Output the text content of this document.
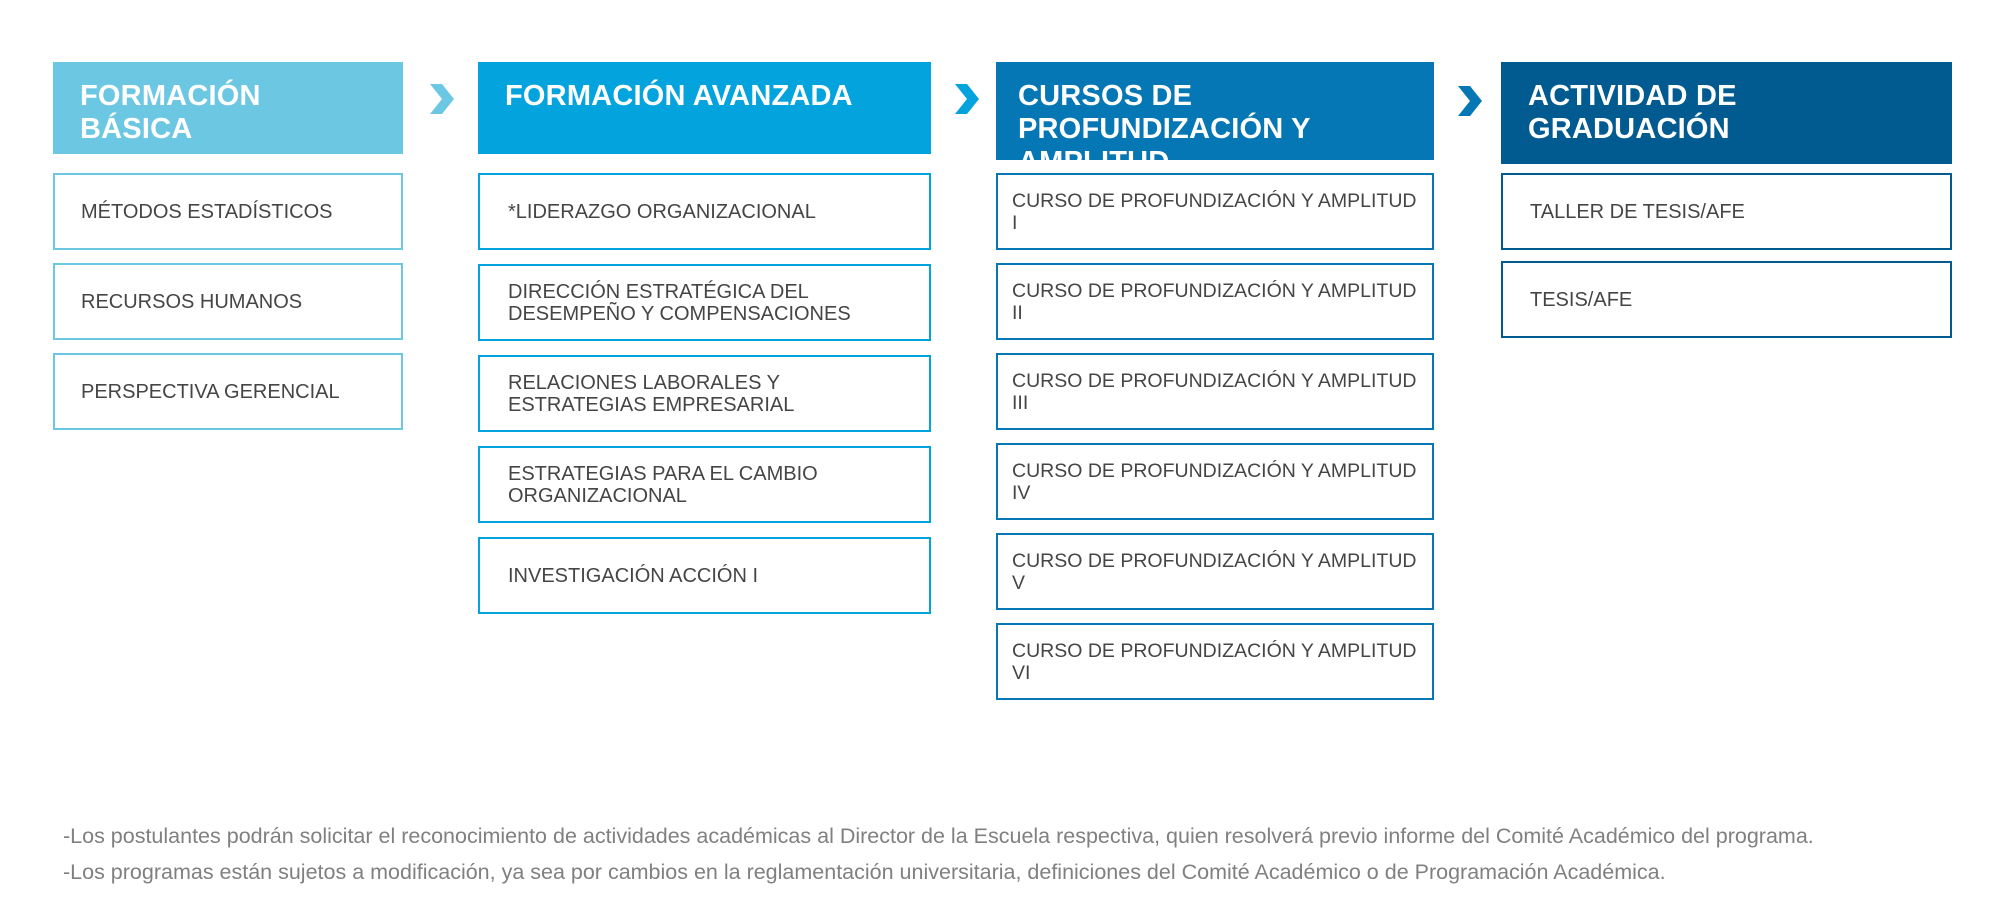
FORMACIÓN BÁSICA
MÉTODOS ESTADÍSTICOS
RECURSOS HUMANOS
PERSPECTIVA GERENCIAL
FORMACIÓN AVANZADA
*LIDERAZGO ORGANIZACIONAL
DIRECCIÓN ESTRATÉGICA DEL DESEMPEÑO Y COMPENSACIONES
RELACIONES LABORALES Y ESTRATEGIAS EMPRESARIAL
ESTRATEGIAS PARA EL CAMBIO ORGANIZACIONAL
INVESTIGACIÓN ACCIÓN I
CURSOS DE PROFUNDIZACIÓN Y AMPLITUD
CURSO DE PROFUNDIZACIÓN Y AMPLITUD I
CURSO DE PROFUNDIZACIÓN Y AMPLITUD II
CURSO DE PROFUNDIZACIÓN Y AMPLITUD III
CURSO DE PROFUNDIZACIÓN Y AMPLITUD IV
CURSO DE PROFUNDIZACIÓN Y AMPLITUD V
CURSO DE PROFUNDIZACIÓN Y AMPLITUD VI
ACTIVIDAD DE GRADUACIÓN
TALLER DE TESIS/AFE
TESIS/AFE
-Los postulantes podrán solicitar el reconocimiento de actividades académicas al Director de la Escuela respectiva, quien resolverá previo informe del Comité Académico del programa.
-Los programas están sujetos a modificación, ya sea por cambios en la reglamentación universitaria, definiciones del Comité Académico o de Programación Académica.
